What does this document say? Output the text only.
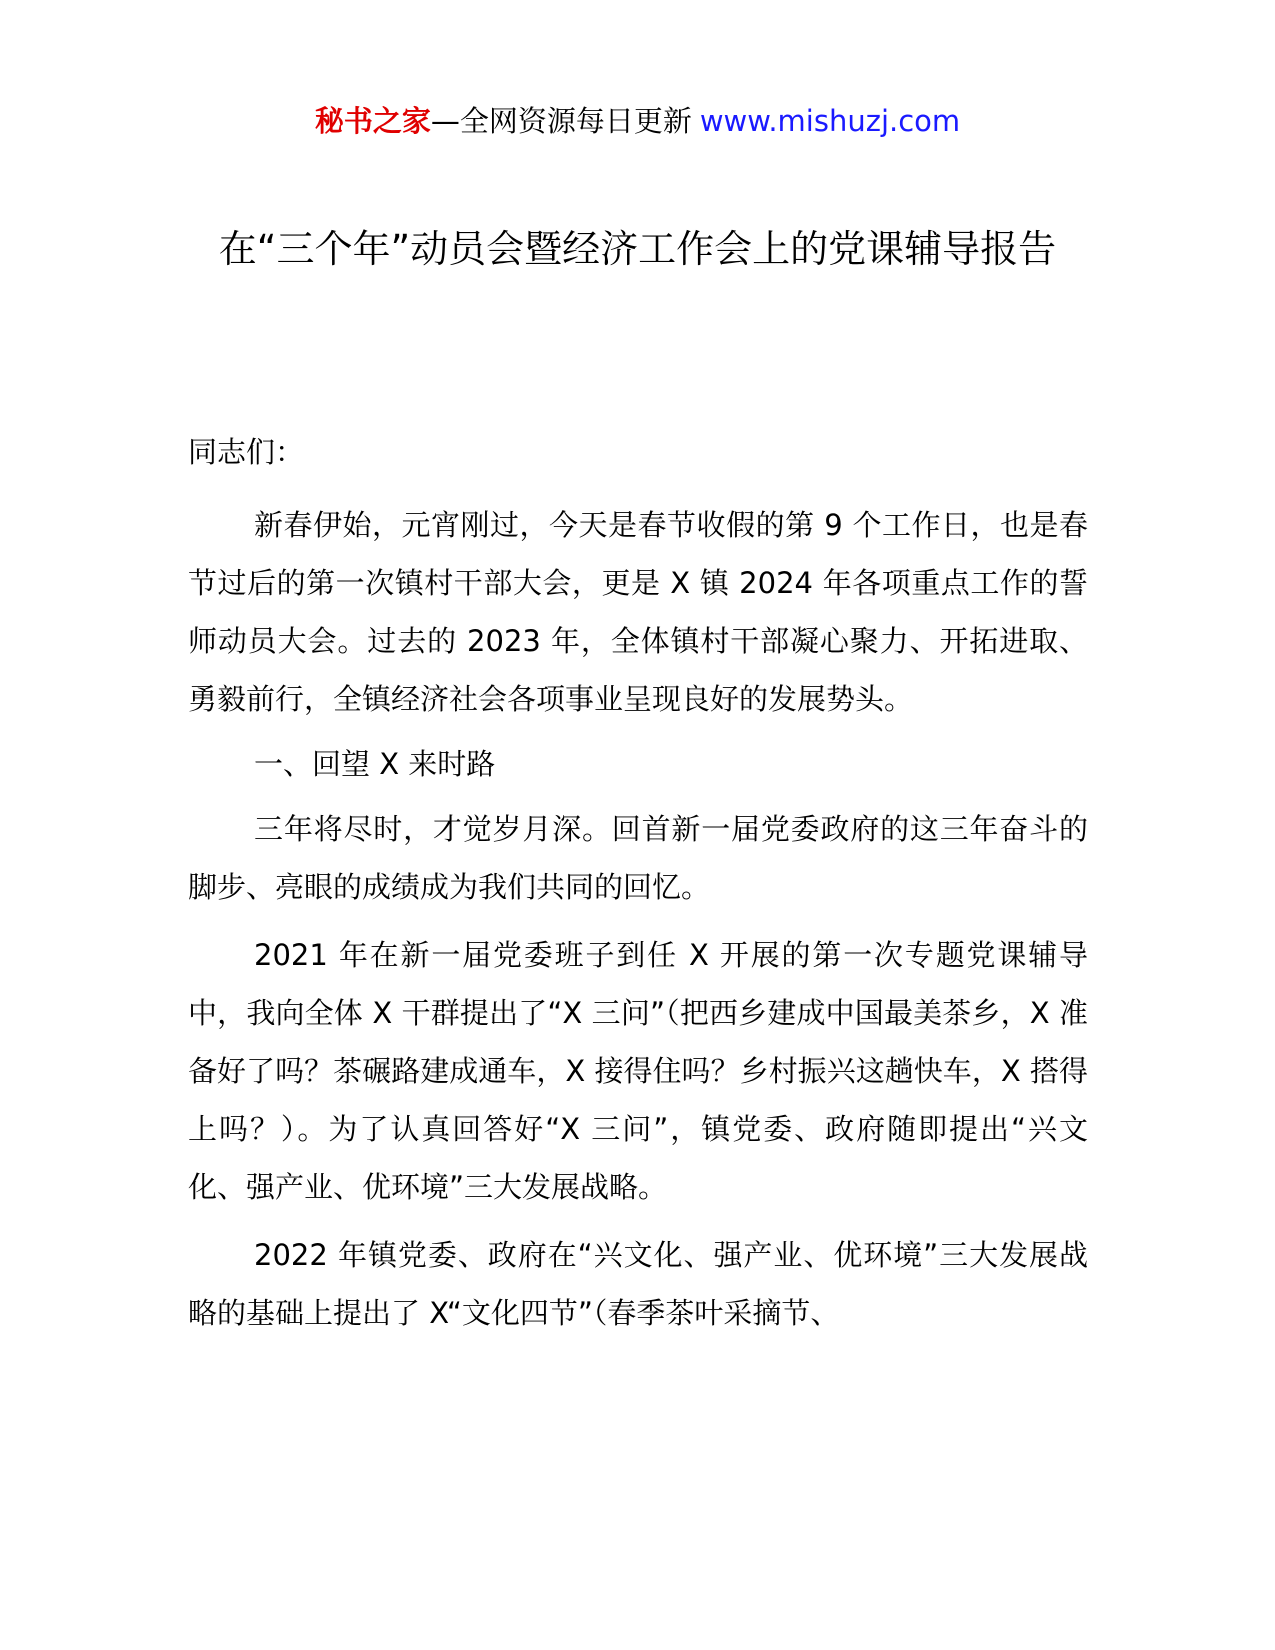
秘书之家—全网资源每日更新 www.mishuzj.com
在“三个年”动员会暨经济工作会上的党课辅导报告

同志们：

新春伊始，元宵刚过，今天是春节收假的第 9 个工作日，也是春节过后的第一次镇村干部大会，更是 X 镇 2024 年各项重点工作的誓师动员大会。过去的 2023 年，全体镇村干部凝心聚力、开拓进取、勇毅前行，全镇经济社会各项事业呈现良好的发展势头。

一、回望 X 来时路

三年将尽时，才觉岁月深。回首新一届党委政府的这三年奋斗的脚步、亮眼的成绩成为我们共同的回忆。

2021 年在新一届党委班子到任 X 开展的第一次专题党课辅导中，我向全体 X 干群提出了“X 三问”（把西乡建成中国最美茶乡，X 准备好了吗？茶碾路建成通车，X 接得住吗？乡村振兴这趟快车，X 搭得上吗？）。为了认真回答好“X 三问”，镇党委、政府随即提出“兴文化、强产业、优环境”三大发展战略。

2022 年镇党委、政府在“兴文化、强产业、优环境”三大发展战略的基础上提出了 X“文化四节”（春季茶叶采摘节、
